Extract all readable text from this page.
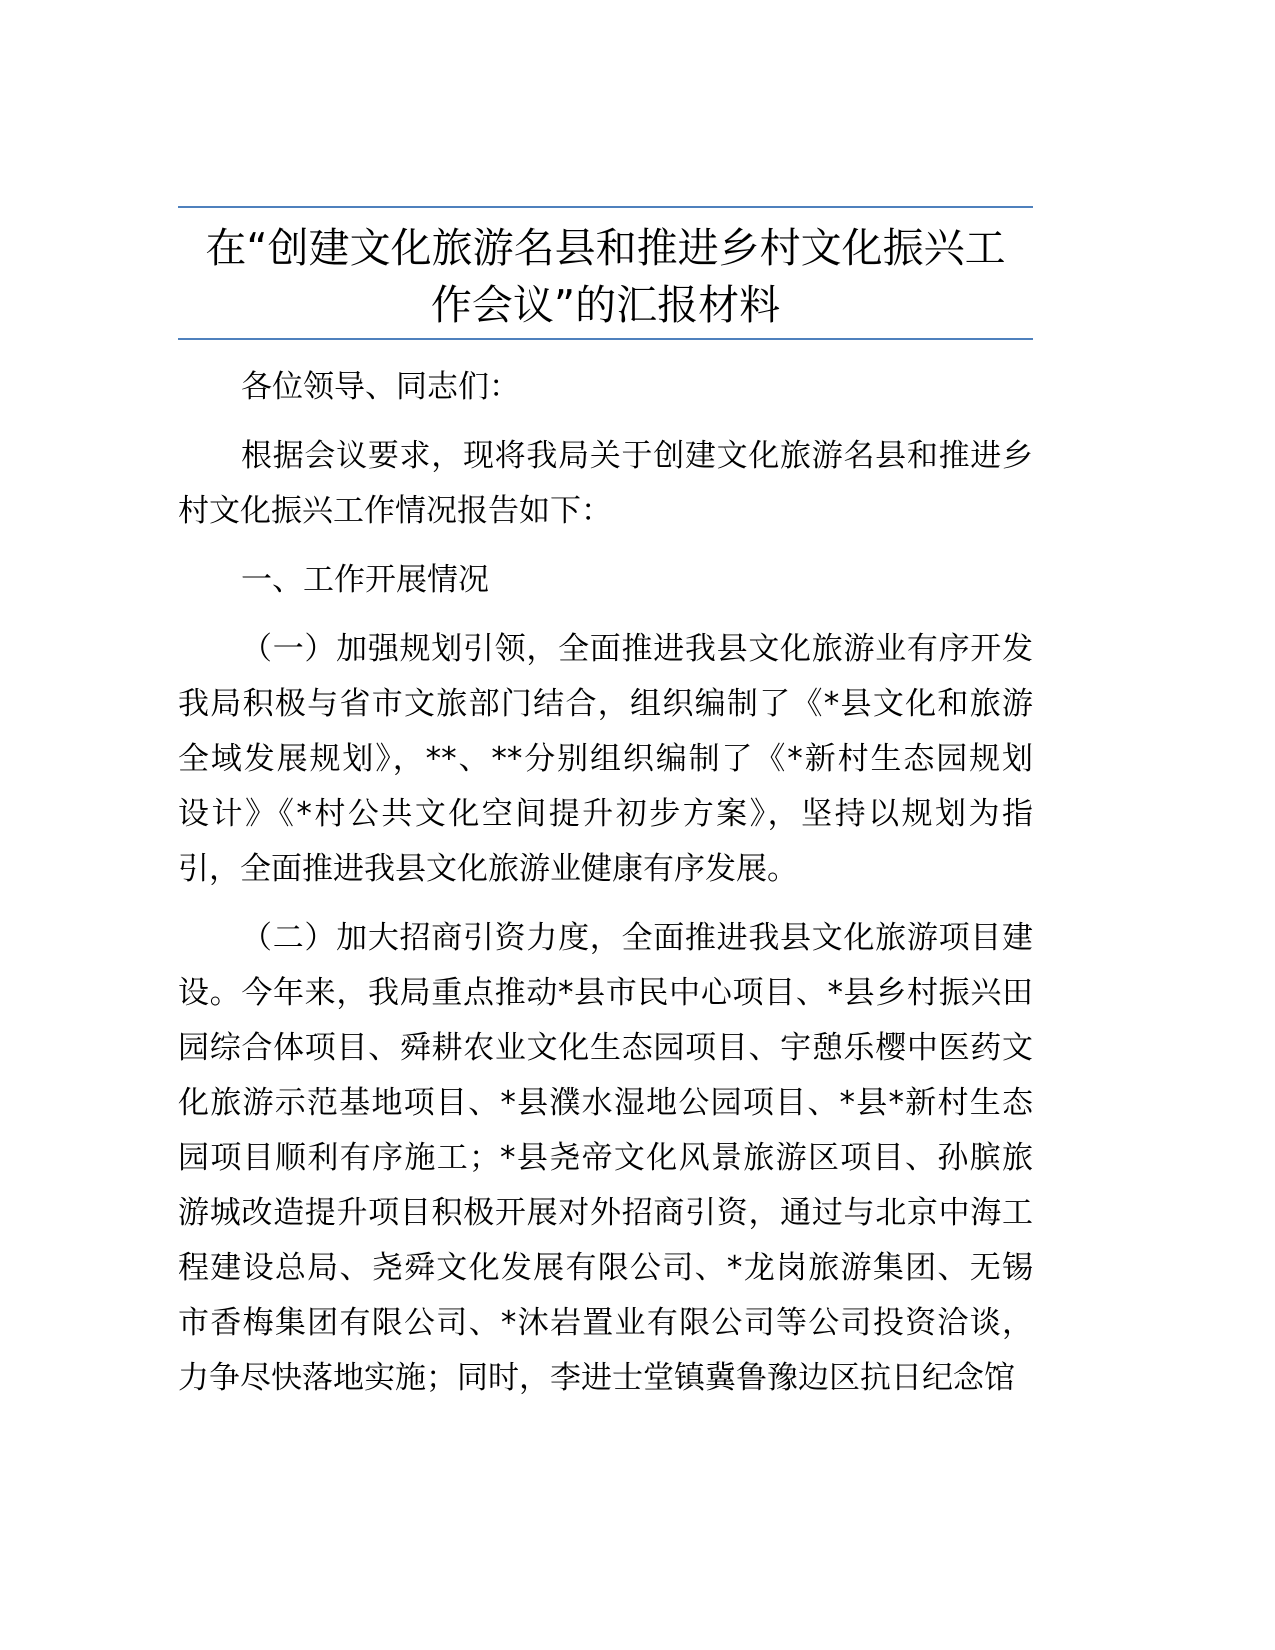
在“创建文化旅游名县和推进乡村文化振兴工
作会议”的汇报材料
各位领导、同志们：
根据会议要求，现将我局关于创建文化旅游名县和推进乡
村文化振兴工作情况报告如下：
一、工作开展情况
（一）加强规划引领，全面推进我县文化旅游业有序开发
我局积极与省市文旅部门结合，组织编制了《*县文化和旅游
全域发展规划》，**、**分别组织编制了《*新村生态园规划
设计》《*村公共文化空间提升初步方案》，坚持以规划为指
引，全面推进我县文化旅游业健康有序发展。
（二）加大招商引资力度，全面推进我县文化旅游项目建
设。今年来，我局重点推动*县市民中心项目、*县乡村振兴田
园综合体项目、舜耕农业文化生态园项目、宇憩乐樱中医药文
化旅游示范基地项目、*县濮水湿地公园项目、*县*新村生态
园项目顺利有序施工；*县尧帝文化风景旅游区项目、孙膑旅
游城改造提升项目积极开展对外招商引资，通过与北京中海工
程建设总局、尧舜文化发展有限公司、*龙岗旅游集团、无锡
市香梅集团有限公司、*沐岩置业有限公司等公司投资洽谈，
力争尽快落地实施；同时，李进士堂镇冀鲁豫边区抗日纪念馆
